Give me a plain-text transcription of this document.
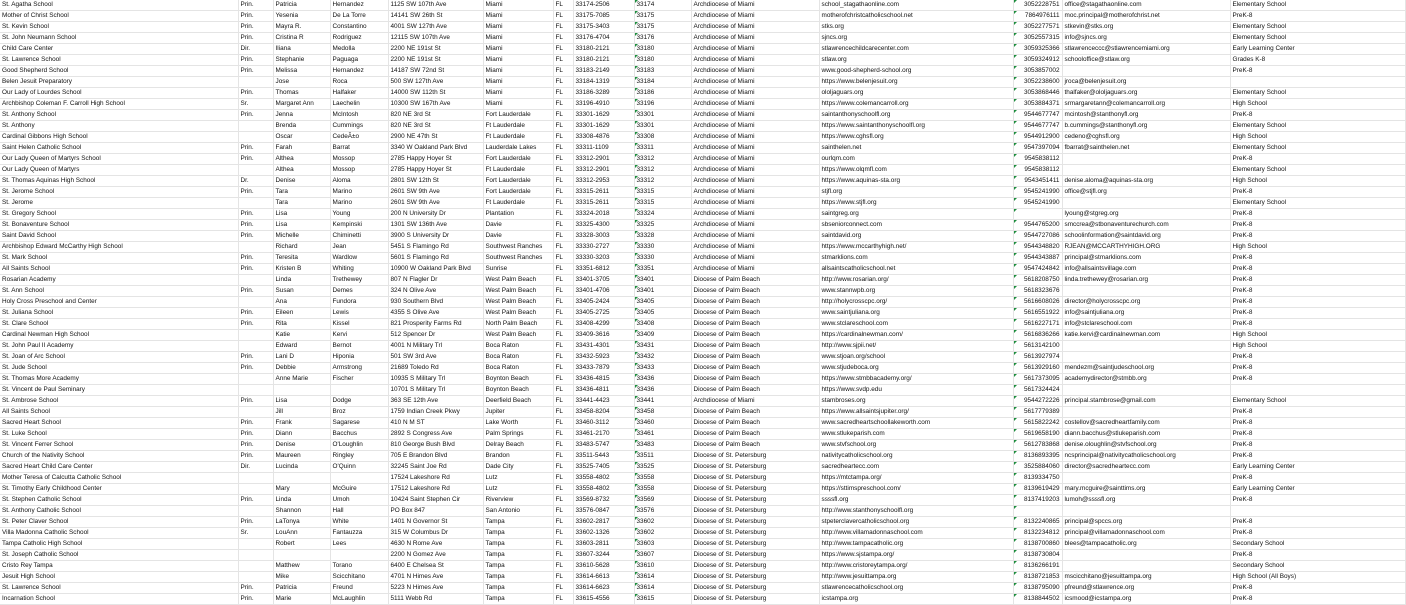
St. Agatha School	Prin.	Patricia	Hernandez	1125 SW 107th Ave	Miami	FL	33174-2506	33174	Archdiocese of Miami	school_stagathaonline.com	3052228751	office@stagathaonline.com	Elementary School
Mother of Christ School	Prin.	Yesenia	De La Torre	14141 SW 26th St	Miami	FL	33175-7085	33175	Archdiocese of Miami	motherofchristcatholicschool.net	7864976111	moc.principal@motherofchrist.net	PreK-8
St. Kevin School	Prin.	Mayra R.	Constantino	4001 SW 127th Ave	Miami	FL	33175-3403	33175	Archdiocese of Miami	stks.org	3052277571	stkevin@stks.org	Elementary School
St. John Neumann School	Prin.	Cristina R	Rodriguez	12115 SW 107th Ave	Miami	FL	33176-4704	33176	Archdiocese of Miami	sjncs.org	3052557315	info@sjncs.org	Elementary School
Child Care Center	Dir.	Iliana	Medolla	2200 NE 191st St	Miami	FL	33180-2121	33180	Archdiocese of Miami	stlawrencechildcarecenter.com	3059325366	stlawrenceccc@stlawrencemiami.org	Early Learning Center
St. Lawrence School	Prin.	Stephanie	Paguaga	2200 NE 191st St	Miami	FL	33180-2121	33180	Archdiocese of Miami	stlaw.org	3059324912	schooloffice@stlaw.org	Grades K-8
Good Shepherd School	Prin.	Melissa	Hernandez	14187 SW 72nd St	Miami	FL	33183-2149	33183	Archdiocese of Miami	www.good-shepherd-school.org	3053857002		PreK-8
Belen Jesuit Preparatory		Jose	Roca	500 SW 127th Ave	Miami	FL	33184-1319	33184	Archdiocese of Miami	https://www.belenjesuit.org	3052238600	jroca@belenjesuit.org	
Our Lady of Lourdes School	Prin.	Thomas	Halfaker	14000 SW 112th St	Miami	FL	33186-3289	33186	Archdiocese of Miami	ololjaguars.org	3053868446	thalfaker@ololjaguars.org	Elementary School
Archbishop Coleman F. Carroll High School	Sr.	Margaret Ann	Laechelin	10300 SW 167th Ave	Miami	FL	33196-4910	33196	Archdiocese of Miami	https://www.colemancarroll.org	3053884371	srmargaretann@colemancarroll.org	High School
St. Anthony School	Prin.	Jenna	McIntosh	820 NE 3rd St	Fort Lauderdale	FL	33301-1629	33301	Archdiocese of Miami	saintanthonyschoolfl.org	9544677747	mcintosh@stanthonyfl.org	PreK-8
St. Anthony		Brenda	Cummings	820 NE 3rd St	Ft Lauderdale	FL	33301-1629	33301	Archdiocese of Miami	https://www.saintanthonyschoolfl.org	9544677747	b.cummings@stanthonyfl.org	Elementary School
Cardinal Gibbons High School		Oscar	CedeÃ±o	2900 NE 47th St	Ft Lauderdale	FL	33308-4876	33308	Archdiocese of Miami	https://www.cghsfl.org	9544912900	cedeno@cghsfl.org	High School
Saint Helen Catholic School	Prin.	Farah	Barrat	3340 W Oakland Park Blvd	Lauderdale Lakes	FL	33311-1109	33311	Archdiocese of Miami	sainthelen.net	9547397094	fbarrat@sainthelen.net	Elementary School
Our Lady Queen of Martyrs School	Prin.	Althea	Mossop	2785 Happy Hoyer St	Fort Lauderdale	FL	33312-2901	33312	Archdiocese of Miami	ourlqm.com	9545838112		PreK-8
Our Lady Queen of Martyrs		Althea	Mossop	2785 Happy Hoyer St	Ft Lauderdale	FL	33312-2901	33312	Archdiocese of Miami	https://www.olqmfl.com	9545838112		Elementary School
St. Thomas Aquinas High School	Dr.	Denise	Aloma	2801 SW 12th St	Fort Lauderdale	FL	33312-2953	33312	Archdiocese of Miami	https://www.aquinas-sta.org	9543451411	denise.aloma@aquinas-sta.org	High School
St. Jerome School	Prin.	Tara	Marino	2601 SW 9th Ave	Fort Lauderdale	FL	33315-2611	33315	Archdiocese of Miami	stjfl.org	9545241990	office@stjfl.org	PreK-8
St. Jerome		Tara	Marino	2601 SW 9th Ave	Ft Lauderdale	FL	33315-2611	33315	Archdiocese of Miami	https://www.stjfl.org	9545241990		Elementary School
St. Gregory School	Prin.	Lisa	Young	200 N University Dr	Plantation	FL	33324-2018	33324	Archdiocese of Miami	saintgreg.org		lyoung@stgreg.org	PreK-8
St. Bonaventure School	Prin.	Lisa	Kempinski	1301 SW 136th Ave	Davie	FL	33325-4300	33325	Archdiocese of Miami	sbseniorconnect.com	9544765200	smccrea@stbonaventurechurch.com	PreK-8
Saint David School	Prin.	Michelle	Chiminetti	3900 S University Dr	Davie	FL	33328-3003	33328	Archdiocese of Miami	saintdavid.org	9544727086	schoolinformation@saintdavid.org	PreK-8
Archbishop Edward McCarthy High School		Richard	Jean	5451 S Flamingo Rd	Southwest Ranches	FL	33330-2727	33330	Archdiocese of Miami	https://www.mccarthyhigh.net/	9544348820	RJEAN@MCCARTHYHIGH.ORG	High School
St. Mark School	Prin.	Teresita	Wardlow	5601 S Flamingo Rd	Southwest Ranches	FL	33330-3203	33330	Archdiocese of Miami	stmarklions.com	9544343887	principal@stmarklions.com	PreK-8
All Saints School	Prin.	Kristen B	Whiting	10900 W Oakland Park Blvd	Sunrise	FL	33351-6812	33351	Archdiocese of Miami	allsaintscatholicschool.net	9547424842	info@allsaintsvillage.com	PreK-8
Rosarian Academy		Linda	Trethewey	807 N Flagler Dr	West Palm Beach	FL	33401-3705	33401	Diocese of Palm Beach	http://www.rosarian.org/	5618208750	linda.trethewey@rosarian.org	PreK-8
St. Ann School	Prin.	Susan	Demes	324 N Olive Ave	West Palm Beach	FL	33401-4706	33401	Diocese of Palm Beach	www.stannwpb.org	5618323676		PreK-8
Holy Cross Preschool and Center		Ana	Fundora	930 Southern Blvd	West Palm Beach	FL	33405-2424	33405	Diocese of Palm Beach	http://holycrosscpc.org/	5616608026	director@holycrosscpc.org	PreK-8
St. Juliana School	Prin.	Eileen	Lewis	4355 S Olive Ave	West Palm Beach	FL	33405-2725	33405	Diocese of Palm Beach	www.saintjuliana.org	5616551922	info@saintjuliana.org	PreK-8
St. Clare School	Prin.	Rita	Kissel	821 Prosperity Farms Rd	North Palm Beach	FL	33408-4299	33408	Diocese of Palm Beach	www.stclareschool.com	5616227171	info@stclareschool.com	PreK-8
Cardinal Newman High School		Katie	Kervi	512 Spencer Dr	West Palm Beach	FL	33409-3616	33409	Diocese of Palm Beach	https://cardinalnewman.com/	5616836266	katie.kervi@cardinalnewman.com	High School
St. John Paul II Academy		Edward	Bernot	4001 N Military Trl	Boca Raton	FL	33431-4301	33431	Diocese of Palm Beach	http://www.sjpii.net/	5613142100		High School
St. Joan of Arc School	Prin.	Lani D	Hiponia	501 SW 3rd Ave	Boca Raton	FL	33432-5923	33432	Diocese of Palm Beach	www.stjoan.org/school	5613927974		PreK-8
St. Jude School	Prin.	Debbie	Armstrong	21689 Toledo Rd	Boca Raton	FL	33433-7879	33433	Diocese of Palm Beach	www.stjudeboca.org	5613929160	mendezm@saintjudeschool.org	PreK-8
St. Thomas More Academy		Anne Marie	Fischer	10935 S Military Trl	Boynton Beach	FL	33436-4815	33436	Diocese of Palm Beach	https://www.stmbbacademy.org/	5617373095	academydirector@stmbb.org	PreK-8
St. Vincent de Paul Seminary				10701 S Military Trl	Boynton Beach	FL	33436-4811	33436	Diocese of Palm Beach	https://www.svdp.edu	5617324424		
St. Ambrose School	Prin.	Lisa	Dodge	363 SE 12th Ave	Deerfield Beach	FL	33441-4423	33441	Archdiocese of Miami	stambroses.org	9544272226	principal.stambrose@gmail.com	Elementary School
All Saints School		Jill	Broz	1759 Indian Creek Pkwy	Jupiter	FL	33458-8204	33458	Diocese of Palm Beach	https://www.allsaintsjupiter.org/	5617779389		PreK-8
Sacred Heart School	Prin.	Frank	Sagarese	410 N M ST	Lake Worth	FL	33460-3112	33460	Diocese of Palm Beach	www.sacredheartschoollakeworth.com	5615822242	costellov@sacredheartfamily.com	PreK-8
St. Luke School	Prin.	Diann	Bacchus	2892 S Congress Ave	Palm Springs	FL	33461-2170	33461	Diocese of Palm Beach	www.stlukeparish.com	5619658190	diann.bacchus@stlukeparish.com	PreK-8
St. Vincent Ferrer School	Prin.	Denise	O'Loughlin	810 George Bush Blvd	Delray Beach	FL	33483-5747	33483	Diocese of Palm Beach	www.stvfschool.org	5612783868	denise.oloughlin@stvfschool.org	PreK-8
Church of the Nativity School	Prin.	Maureen	Ringley	705 E Brandon Blvd	Brandon	FL	33511-5443	33511	Diocese of St. Petersburg	nativitycatholicschool.org	8136893395	ncsprincipal@nativitycatholicschool.org	PreK-8
Sacred Heart Child Care Center	Dir.	Lucinda	O'Quinn	32245 Saint Joe Rd	Dade City	FL	33525-7405	33525	Diocese of St. Petersburg	sacredheartecc.com	3525884060	director@sacredheartecc.com	Early Learning Center
Mother Teresa of Calcutta Catholic School				17524 Lakeshore Rd	Lutz	FL	33558-4802	33558	Diocese of St. Petersburg	https://mtctampa.org/	8139334750		PreK-8
St. Timothy Early Childhood Center		Mary	McGuire	17512 Lakeshore Rd	Lutz	FL	33558-4802	33558	Diocese of St. Petersburg	https://sttimspreschool.com/	8139619429	mary.mcguire@sainttims.org	Early Learning Center
St. Stephen Catholic School	Prin.	Linda	Umoh	10424 Saint Stephen Cir	Riverview	FL	33569-8732	33569	Diocese of St. Petersburg	ssssfl.org	8137419203	lumoh@ssssfl.org	PreK-8
St. Anthony Catholic School		Shannon	Hall	PO Box 847	San Antonio	FL	33576-0847	33576	Diocese of St. Petersburg	http://www.stanthonyschoolfl.org			
St. Peter Claver School	Prin.	LaTonya	White	1401 N Governor St	Tampa	FL	33602-2817	33602	Diocese of St. Petersburg	stpeterclavercatholicschool.org	8132240865	principal@spccs.org	PreK-8
Villa Madonna Catholic School	Sr.	LouAnn	Fantauzza	315 W Columbus Dr	Tampa	FL	33602-1326	33602	Diocese of St. Petersburg	http://www.villamadonnaschool.com	8132234812	principal@villamadonnaschool.com	PreK-8
Tampa Catholic High School		Robert	Lees	4630 N Rome Ave	Tampa	FL	33603-2811	33603	Diocese of St. Petersburg	http://www.tampacatholic.org	8138700860	blees@tampacatholic.org	Secondary School
St. Joseph Catholic School				2200 N Gomez Ave	Tampa	FL	33607-3244	33607	Diocese of St. Petersburg	https://www.sjstampa.org/	8138730804		PreK-8
Cristo Rey Tampa		Matthew	Torano	6400 E Chelsea St	Tampa	FL	33610-5628	33610	Diocese of St. Petersburg	http://www.cristoreytampa.org/	8136266191		Secondary School
Jesuit High School		Mike	Scicchitano	4701 N Himes Ave	Tampa	FL	33614-6613	33614	Diocese of St. Petersburg	http://www.jesuittampa.org	8138721853	mscicchitano@jesuittampa.org	High School (All Boys)
St. Lawrence School	Prin.	Patricia	Freund	5223 N Himes Ave	Tampa	FL	33614-6623	33614	Diocese of St. Petersburg	stlawrencecatholicschool.org	8138795090	pfreund@stlawrence.org	PreK-8
Incarnation School	Prin.	Marie	McLaughlin	5111 Webb Rd	Tampa	FL	33615-4556	33615	Diocese of St. Petersburg	icstampa.org	8138844502	icsmood@icstampa.org	PreK-8
